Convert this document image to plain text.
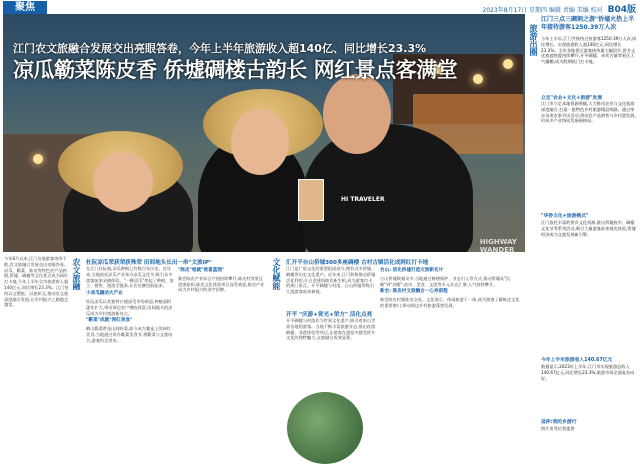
聚焦	2023年8月17日 星期四 编辑 责编 美编 校对 B04版
HI TRAVELER
HIGHWAY
WANDER
江门农文旅融合发展交出亮眼答卷，今年上半年旅游收入超140亿、同比增长23.3%
凉瓜簕菜陈皮香 侨墟碉楼古韵长 网红景点客满堂
旅游出圈
江门三点三碉割之游"侨墟火热上半年接待游客1250.39万人次
今年上半年,江门共接待过夜游客1250.39万人次,同比增长。实现旅游收入超140亿元,同比增长23.3%。全市各地景区游客接待量大幅回升,侨乡文化旅游热度持续攀升,开平碉楼、赤坎古镇等景区人气爆棚,成为假期热门打卡地。
立足"农业+文化+旅游"发展
江门市立足本地资源禀赋,大力推动农业与文化旅游深度融合,打造一批特色乡村旅游精品线路。通过举办各类农事节庆活动,带动农产品销售与乡村游发展,形成多产业协同发展新格局。
"华侨文化+旅游模式"
江门依托丰富的侨乡文化资源,推出侨墟夜市、碉楼文化节等系列活动,吸引大量游客前来观光体验,侨墟经济成为文旅发展新引擎。
今年上半年旅游收入140.67亿元
数据显示,2023年上半年,江门市实现旅游总收入140.67亿元,同比增长23.3%,旅游市场全面复苏向好。
延伸:我的乡游行
图片由受访者提供
今年8月以来,江门各地游客络绎不绝,农文旅融合发展交出亮眼答卷。凉瓜、簕菜、陈皮等特色农产品热销,侨墟、碉楼等文化景点成为网红打卡地,今年上半年全市旅游收入超140亿元,同比增长23.3%。江门坚持以文塑旅、以旅彰文,推动农文旅深度融合发展,让乡村振兴之路越走越宽。
农文旅融 杜阮凉瓜荣获荣获殊荣 田间地头长出一串"文旅IP"
在江门杜阮镇,凉瓜种植已有数百年历史。近年来,当地依托凉瓜产业举办凉瓜文化节,吸引众多游客前来采摘体验。"一颗凉瓜"串起了种植、加工、销售、旅游全链条,让农民腰包鼓起来。
小凉瓜撬动大产业
杜阮凉瓜以其独特口感深受市场欢迎,种植面积逐年扩大,带动周边农户增收致富,田间地头的凉瓜成为乡村旅游新亮点。
"簕菜"成就"网红美食"
鹤山簕菜曾是山间野菜,如今成为餐桌上的网红美食,当地通过举办簕菜美食节,将簕菜与文旅结合,游客纷至沓来。
"陈皮"绘就"致富蓝图"
新会陈皮产业综合产值持续攀升,陈皮村等景区游客如织,陈皮文化体验项目深受欢迎,陈皮产业成为乡村振兴的金字招牌。	文化赋能 汇开平台山侨墟300多座碉楼 古村古镇活化成网红打卡地
江门是广府文化的重要组成部分,拥有众多侨墟、碉楼等历史文化遗产。近年来,江门积极推动侨墟活化利用,让古老建筑焕发新生机,成为游客打卡的热门景点。开平碉楼与村落、台山侨墟等吸引大批游客前来参观。
开平 "庆游+赏光+荣方" 活化点亮
开平碉楼与村落作为世界文化遗产,吸引着来自世界各地的游客。当地不断丰富旅游业态,推出夜游碉楼、非遗体验等项目,让游客在游览中感受侨乡文化的独特魅力,文旅融合成效显著。
台山: 活化侨墟打造文旅新名片
台山侨墟数量众多,当地通过修缮保护、业态引入等方式,推动侨墟从"沉睡"到"苏醒",夜市、美食、文创等多元业态汇聚,人气持续攀升。
新会: 陈皮村文旅融合一心奔前程
新会陈皮村集陈皮交易、文化展示、休闲旅游于一体,成为游客了解陈皮文化的重要窗口,带动周边乡村旅游蓬勃发展。
